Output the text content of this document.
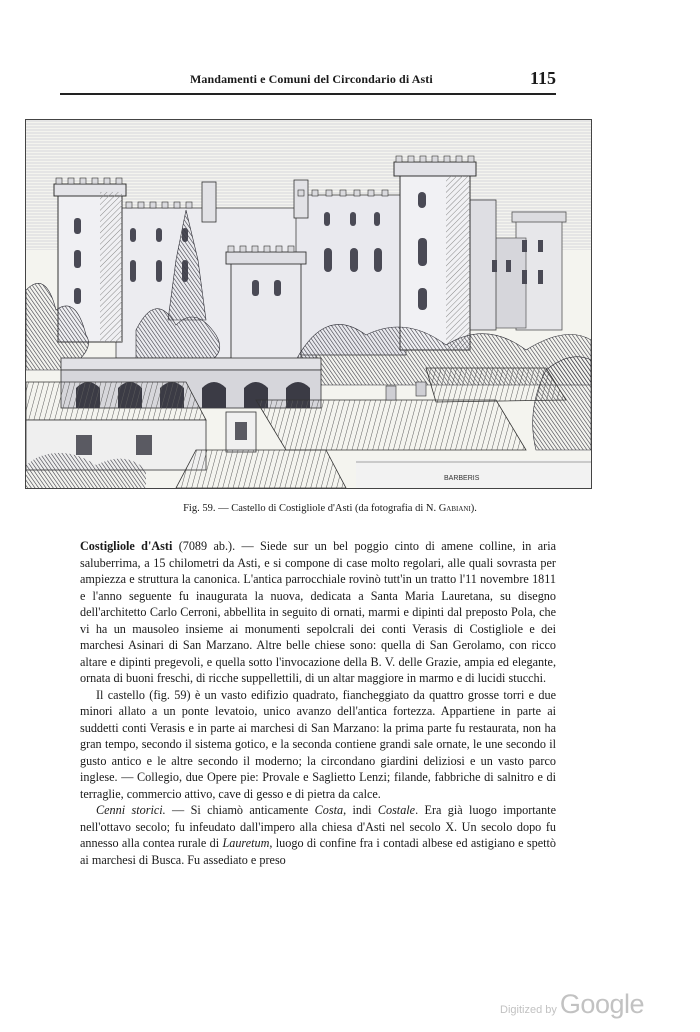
Mandamenti e Comuni del Circondario di Asti	115
BARBERIS
Fig. 59. — Castello di Costigliole d'Asti (da fotografia di N. Gabiani).

Costigliole d'Asti (7089 ab.). — Siede sur un bel poggio cinto di amene colline, in aria saluberrima, a 15 chilometri da Asti, e si compone di case molto regolari, alle quali sovrasta per ampiezza e struttura la canonica. L'antica parrocchiale rovinò tutt'in un tratto l'11 novembre 1811 e l'anno seguente fu inaugurata la nuova, dedicata a Santa Maria Lauretana, su disegno dell'architetto Carlo Cerroni, abbellita in seguito di ornati, marmi e dipinti dal preposto Pola, che vi ha un mausoleo insieme ai monumenti sepolcrali dei conti Verasis di Costigliole e dei marchesi Asinari di San Marzano. Altre belle chiese sono: quella di San Gerolamo, con ricco altare e dipinti pregevoli, e quella sotto l'invocazione della B. V. delle Grazie, ampia ed elegante, ornata di buoni freschi, di ricche suppellettili, di un altar maggiore in marmo e di lucidi stucchi.

Il castello (fig. 59) è un vasto edifizio quadrato, fiancheggiato da quattro grosse torri e due minori allato a un ponte levatoio, unico avanzo dell'antica fortezza. Appartiene in parte ai suddetti conti Verasis e in parte ai marchesi di San Marzano: la prima parte fu restaurata, non ha gran tempo, secondo il sistema gotico, e la seconda contiene grandi sale ornate, le une secondo il gusto antico e le altre secondo il moderno; la circondano giardini deliziosi e un vasto parco inglese. — Collegio, due Opere pie: Provale e Saglietto Lenzi; filande, fabbriche di salnitro e di terraglie, commercio attivo, cave di gesso e di pietra da calce.

Cenni storici. — Si chiamò anticamente Costa, indi Costale. Era già luogo importante nell'ottavo secolo; fu infeudato dall'impero alla chiesa d'Asti nel secolo X. Un secolo dopo fu annesso alla contea rurale di Lauretum, luogo di confine fra i contadi albese ed astigiano e spettò ai marchesi di Busca. Fu assediato e preso

Digitized by Google
